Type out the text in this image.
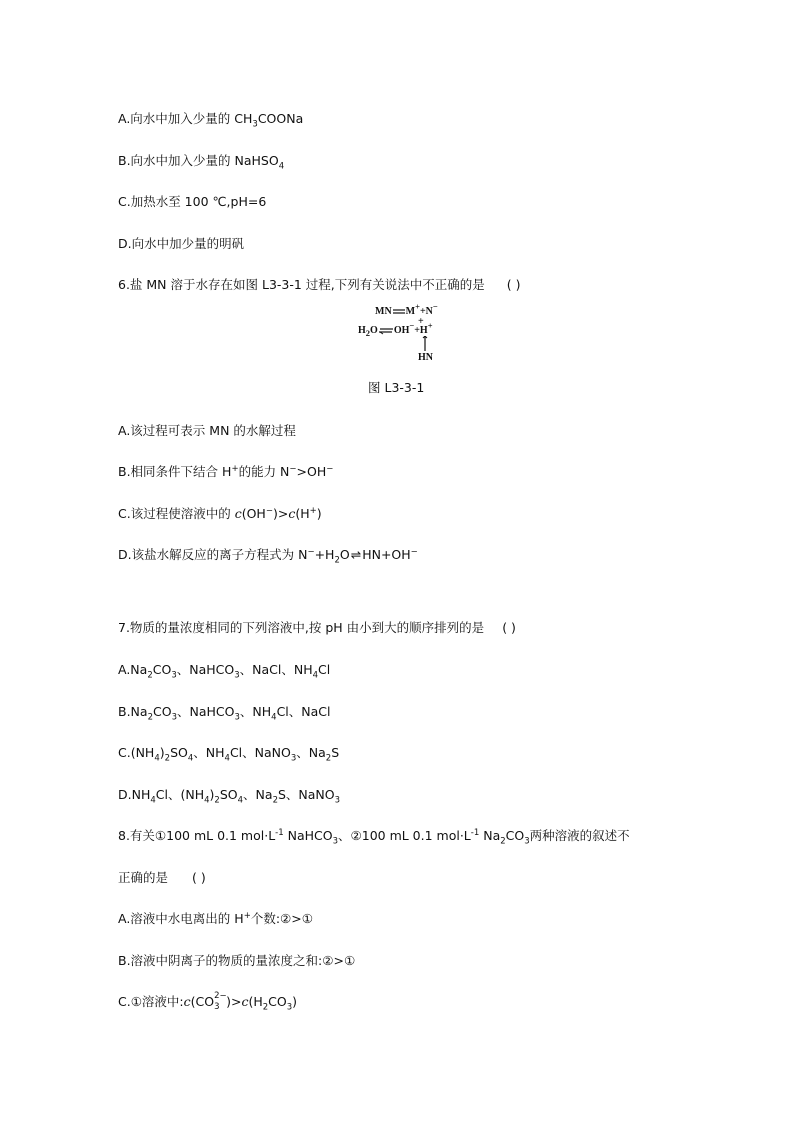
A.向水中加入少量的 $CH_3COONa$
B.向水中加入少量的 NaHSO$_4$
C.加热水至 100 ℃,pH=6
D.向水中加少量的明矾
6.盐 MN 溶于水存在如图 L3-3-1 过程,下列有关说法中不正确的是 ( )
MN M++N−
+
$H_2O$ OH−+H+
HN
图 L3-3-1
A.该过程可表示 MN 的水解过程
B.相同条件下结合 H+的能力 N−>OH−
C.该过程使溶液中的 c(OH−)>c(H+)
D.该盐水解反应的离子方程式为 $N^-+H_2O\rightleftharpoons HN+OH^-$
7.物质的量浓度相同的下列溶液中,按 pH 由小到大的顺序排列的是 ( )
$A.Na_2CO_3$、NaHCO$_3$、NaCl、$NH_4Cl$
$B.Na_2CO_3$、NaHCO$_3$、$NH_4Cl$、NaCl
$C.(NH_4)_2SO_4$、$NH_4Cl$、NaNO$_3$、$Na_2S$
$D.NH_4Cl$、$(NH_4)_2SO_4$、$Na_2S$、NaNO$_3$
8.有关①100 mL 0.1 $mol\cdot L^{-1}$ NaHCO$_3$、②100 mL 0.1 $mol\cdot L^{-1}$ $Na_2CO_3$两种溶液的叙述不
正确的是 ( )
A.溶液中水电离出的 H+个数:②>①
B.溶液中阴离子的物质的量浓度之和:②>①
C.①溶液中:c(CO 2−
3 )$>c(H_2CO_3)$
